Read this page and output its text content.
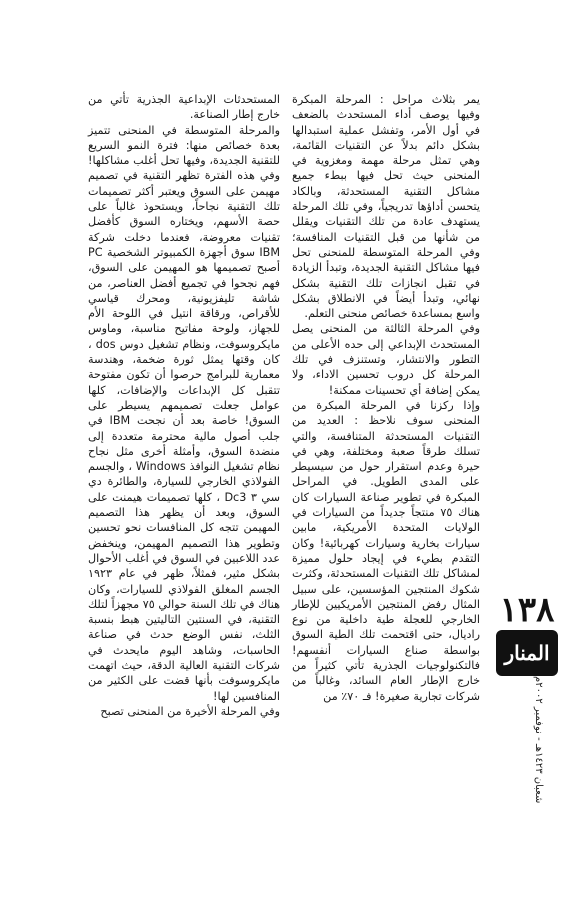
يمر بثلاث مراحل : المرحلة المبكرة وفيها يوصف أداء المستحدث بالضعف في أول الأمر، وتفشل عملية استبدالها بشكل دائم بدلاً عن التقنيات القائمة، وهي تمثل مرحلة مهمة ومغزوية في المنحنى حيث تحل فيها ببطء جميع مشاكل التقنية المستحدثة، وبالكاد يتحسن أداؤها تدريجياً، وفي تلك المرحلة يستهدف عادة من تلك التقنيات ويقلل من شأنها من قبل التقنيات المنافسة؛ وفي المرحلة المتوسطة للمنحنى تحل فيها مشاكل التقنية الجديدة، وتبدأ الزيادة في تقبل انجازات تلك التقنية بشكل نهائي، وتبدأ أيضاً في الانطلاق بشكل واسع بمساعدة خصائص منحنى التعلم.

وفي المرحلة الثالثة من المنحنى يصل المستحدث الإبداعي إلى حده الأعلى من التطور والانتشار، وتستنزف في تلك المرحلة كل دروب تحسين الاداء، ولا يمكن إضافة أي تحسينات ممكنة!

وإذا ركزنا في المرحلة المبكرة من المنحنى سوف نلاحظ : العديد من التقنيات المستحدثة المتنافسة، والتي تسلك طرقاً صعبة ومختلفة، وهي في حيرة وعدم استقرار حول من سيسيطر على المدى الطويل. في المراحل المبكرة في تطوير صناعة السيارات كان هناك ٧٥ منتجاً جديداً من السيارات في الولايات المتحدة الأمريكية، مابين سيارات بخارية وسيارات كهربائية! وكان التقدم بطيء في إيجاد حلول مميزة لمشاكل تلك التقنيات المستحدثة، وكثرت شكوك المنتجين المؤسسين، على سبيل المثال رفض المنتجين الأمريكيين للإطار الخارجي للعجلة طية داخلية من نوع راديال، حتى اقتحمت تلك الطية السوق بواسطة صناع السيارات أنفسهم! فالتكنولوجيات الجذرية تأتي كثيراً من خارج الإطار العام السائد، وغالباً من شركات تجارية صغيرة! فـ ٧٠٪ من

المستحدثات الإبداعية الجذرية تأتي من خارج إطار الصناعة.

والمرحلة المتوسطة في المنحنى تتميز بعدة خصائص منها: فترة النمو السريع للتقنية الجديدة، وفيها تحل أغلب مشاكلها! وفي هذه الفترة تظهر التقنية في تصميم مهيمن على السوق ويعتبر أكثر تصميمات تلك التقنية نجاحاً، ويستحوذ غالباً على حصة الأسهم، ويختاره السوق كأفضل تقنيات معروضة، فعندما دخلت شركة IBM سوق أجهزة الكمبيوتر الشخصية PC أصبح تصميمها هو المهيمن على السوق، فهم نجحوا في تجميع أفضل العناصر، من شاشة تليفزيونية، ومحرك قياسي للأقراص، ورقاقة انتيل في اللوحة الأم للجهاز، ولوحة مفاتيح مناسبة، وماوس مايكروسوفت، ونظام تشغيل دوس dos ، كان وقتها يمثل ثورة ضخمة، وهندسة معمارية للبرامج حرصوا أن تكون مفتوحة تتقبل كل الإبداعات والإضافات، كلها عوامل جعلت تصميمهم يسيطر على السوق! خاصة بعد أن نجحت IBM في جلب أصول مالية محترمة متعددة إلى منضدة السوق، وأمثلة أخرى مثل نجاح نظام تشغيل النوافذ Windows ، والجسم الفولاذي الخارجي للسيارة، والطائرة دي سي ٣ Dc3 ، كلها تصميمات هيمنت على السوق، وبعد أن يظهر هذا التصميم المهيمن تتجه كل المنافسات نحو تحسين وتطوير هذا التصميم المهيمن، وينخفض عدد اللاعبين في السوق في أغلب الأحوال بشكل مثير، فمثلاً، ظهر في عام ١٩٢٣ الجسم المغلق الفولاذي للسيارات، وكان هناك في تلك السنة حوالي ٧٥ مجهزاً لتلك التقنية، في السنتين التاليتين هبط بنسبة الثلث، نفس الوضع حدث في صناعة الحاسبات، وشاهد اليوم مايحدث في شركات التقنية العالية الدقة، حيث اتهمت مايكروسوفت بأنها قضت على الكثير من المنافسين لها!

وفي المرحلة الأخيرة من المنحنى تصبح

١٣٨
المنار
شعبان ١٤٢٣ﻫـ - نوفمبر ٢٠٠٢م
